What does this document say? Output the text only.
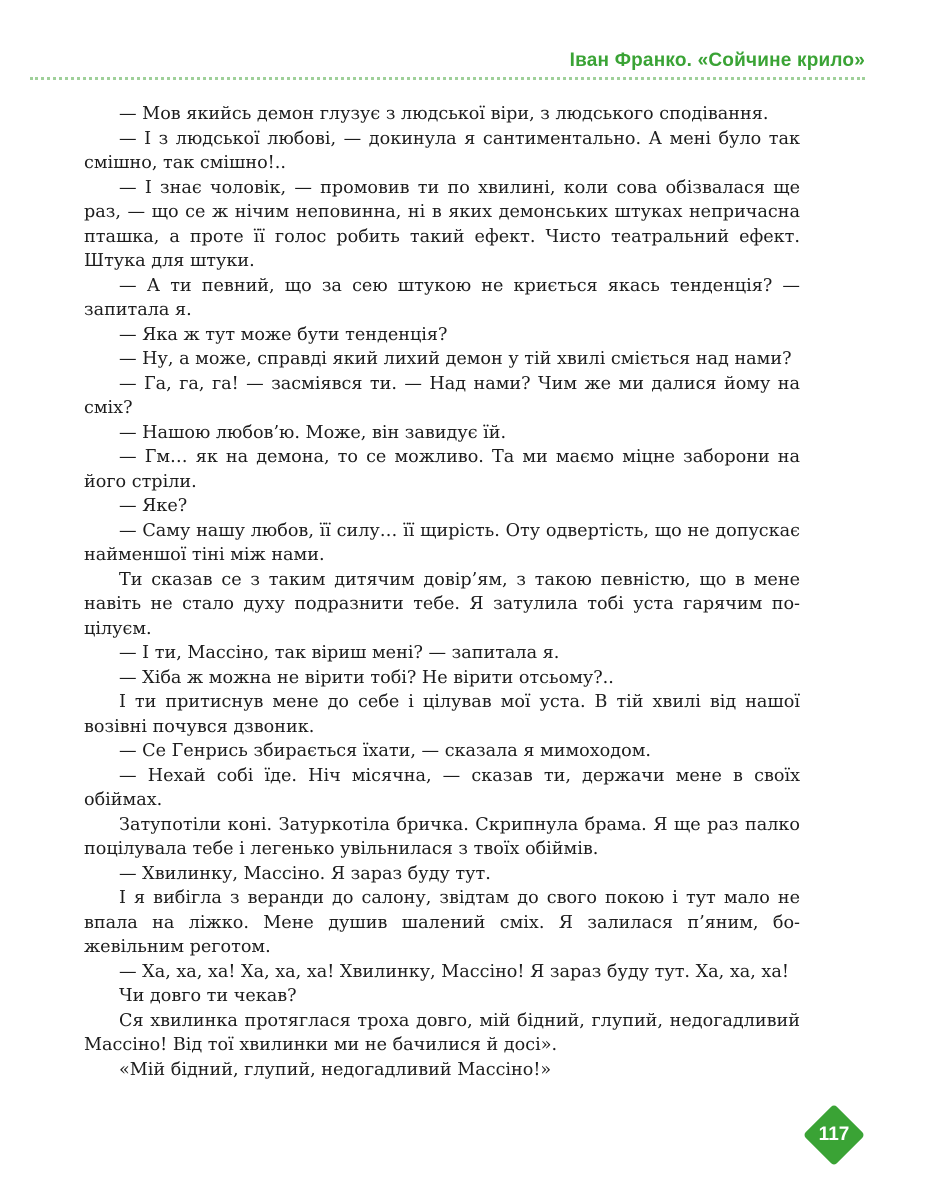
Іван Франко. «Сойчине крило»

— Мов якийсь демон глузує з людської віри, з людського сподівання.

— І з людської любові, — докинула я сантиментально. А мені було так смішно, так смішно!..

— І знає чоловік, — промовив ти по хвилині, коли сова обізвалася ще раз, — що се ж нічим неповинна, ні в яких демонських штуках непричасна пташка, а проте її голос робить такий ефект. Чисто театральний ефект. Штука для штуки.

— А ти певний, що за сею штукою не криється якась тенденція? — запитала я.

— Яка ж тут може бути тенденція?

— Ну, а може, справді який лихий демон у тій хвилі сміється над нами?

— Га, га, га! — засміявся ти. — Над нами? Чим же ми далися йому на сміх?

— Нашою любов’ю. Може, він завидує їй.

— Гм… як на демона, то се можливо. Та ми маємо міцне заборони на його стріли.

— Яке?

— Саму нашу любов, її силу… її щирість. Оту одвертість, що не допускає найменшої тіні між нами.

Ти сказав се з таким дитячим довір’ям, з такою певністю, що в мене навіть не стало духу подразнити тебе. Я затулила тобі уста гарячим поцілуєм.

— І ти, Массіно, так віриш мені? — запитала я.

— Хіба ж можна не вірити тобі? Не вірити отсьому?..

І ти притиснув мене до себе і цілував мої уста. В тій хвилі від нашої возівні почувся дзвоник.

— Се Генрись збирається їхати, — сказала я мимоходом.

— Нехай собі їде. Ніч місячна, — сказав ти, держачи мене в своїх обіймах.

Затупотіли коні. Затуркотіла бричка. Скрипнула брама. Я ще раз палко поцілувала тебе і легенько увільнилася з твоїх обіймів.

— Хвилинку, Массіно. Я зараз буду тут.

І я вибігла з веранди до салону, звідтам до свого покою і тут мало не впала на ліжко. Мене душив шалений сміх. Я залилася п’яним, божевільним реготом.

— Ха, ха, ха! Ха, ха, ха! Хвилинку, Массіно! Я зараз буду тут. Ха, ха, ха!

Чи довго ти чекав?

Ся хвилинка протяглася троха довго, мій бідний, глупий, недогадливий Массіно! Від тої хвилинки ми не бачилися й досі».

«Мій бідний, глупий, недогадливий Массіно!»

117
